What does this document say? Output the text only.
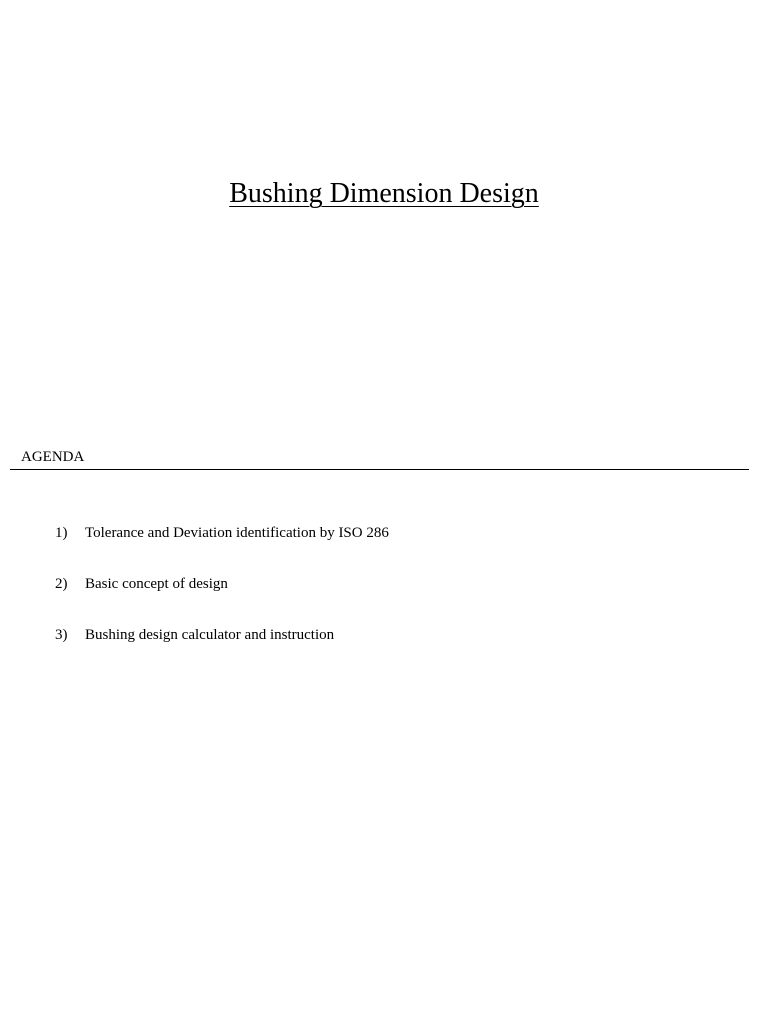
Bushing Dimension Design
AGENDA
1)	Tolerance and Deviation identification by ISO 286
2)	Basic concept of design
3)	Bushing design calculator and instruction
